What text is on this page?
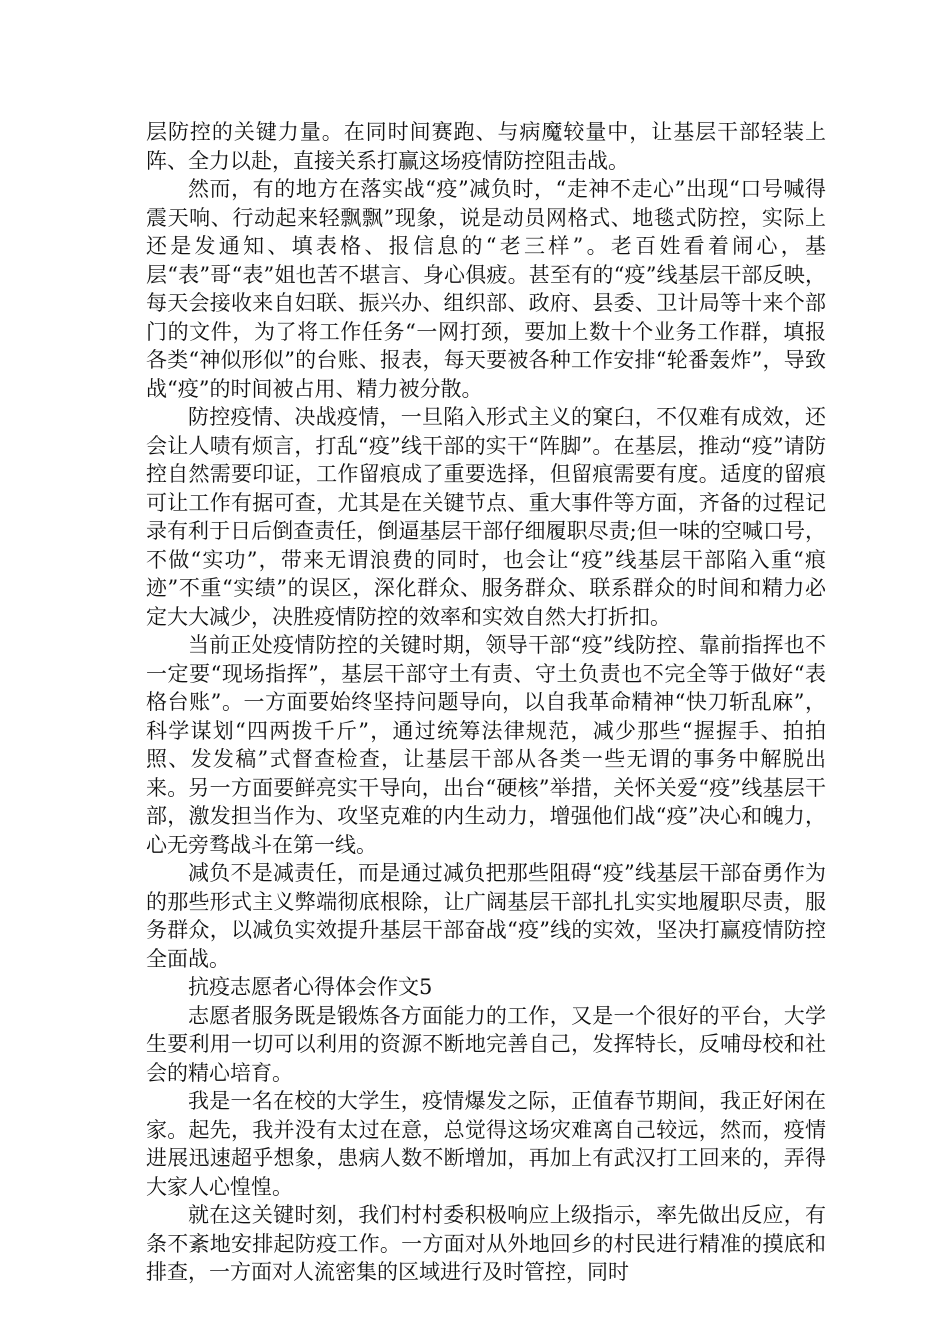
层防控的关键力量。在同时间赛跑、与病魔较量中，让基层干部轻装上阵、全力以赴，直接关系打赢这场疫情防控阻击战。

然而，有的地方在落实战“疫”减负时，“走神不走心”出现“口号喊得震天响、行动起来轻飘飘”现象，说是动员网格式、地毯式防控，实际上还是发通知、填表格、报信息的“老三样”。老百姓看着闹心，基层“表”哥“表”姐也苦不堪言、身心俱疲。甚至有的“疫”线基层干部反映，每天会接收来自妇联、振兴办、组织部、政府、县委、卫计局等十来个部门的文件，为了将工作任务“一网打颈，要加上数十个业务工作群，填报各类“神似形似”的台账、报表，每天要被各种工作安排“轮番轰炸”，导致战“疫”的时间被占用、精力被分散。

防控疫情、决战疫情，一旦陷入形式主义的窠臼，不仅难有成效，还会让人啧有烦言，打乱“疫”线干部的实干“阵脚”。在基层，推动“疫”请防控自然需要印证，工作留痕成了重要选择，但留痕需要有度。适度的留痕可让工作有据可查，尤其是在关键节点、重大事件等方面，齐备的过程记录有利于日后倒查责任，倒逼基层干部仔细履职尽责;但一味的空喊口号，不做“实功”，带来无谓浪费的同时，也会让“疫”线基层干部陷入重“痕迹”不重“实绩”的误区，深化群众、服务群众、联系群众的时间和精力必定大大减少，决胜疫情防控的效率和实效自然大打折扣。

当前正处疫情防控的关键时期，领导干部“疫”线防控、靠前指挥也不一定要“现场指挥”，基层干部守土有责、守土负责也不完全等于做好“表格台账”。一方面要始终坚持问题导向，以自我革命精神“快刀斩乱麻”，科学谋划“四两拨千斤”，通过统筹法律规范，减少那些“握握手、拍拍照、发发稿”式督查检查，让基层干部从各类一些无谓的事务中解脱出来。另一方面要鲜亮实干导向，出台“硬核”举措，关怀关爱“疫”线基层干部，激发担当作为、攻坚克难的内生动力，增强他们战“疫”决心和魄力，心无旁骛战斗在第一线。

减负不是减责任，而是通过减负把那些阻碍“疫”线基层干部奋勇作为的那些形式主义弊端彻底根除，让广阔基层干部扎扎实实地履职尽责，服务群众，以减负实效提升基层干部奋战“疫”线的实效，坚决打赢疫情防控全面战。

抗疫志愿者心得体会作文5

志愿者服务既是锻炼各方面能力的工作，又是一个很好的平台，大学生要利用一切可以利用的资源不断地完善自己，发挥特长，反哺母校和社会的精心培育。

我是一名在校的大学生，疫情爆发之际，正值春节期间，我正好闲在家。起先，我并没有太过在意，总觉得这场灾难离自己较远，然而，疫情进展迅速超乎想象，患病人数不断增加，再加上有武汉打工回来的，弄得大家人心惶惶。

就在这关键时刻，我们村村委积极响应上级指示，率先做出反应，有条不紊地安排起防疫工作。一方面对从外地回乡的村民进行精准的摸底和排查，一方面对人流密集的区域进行及时管控，同时
